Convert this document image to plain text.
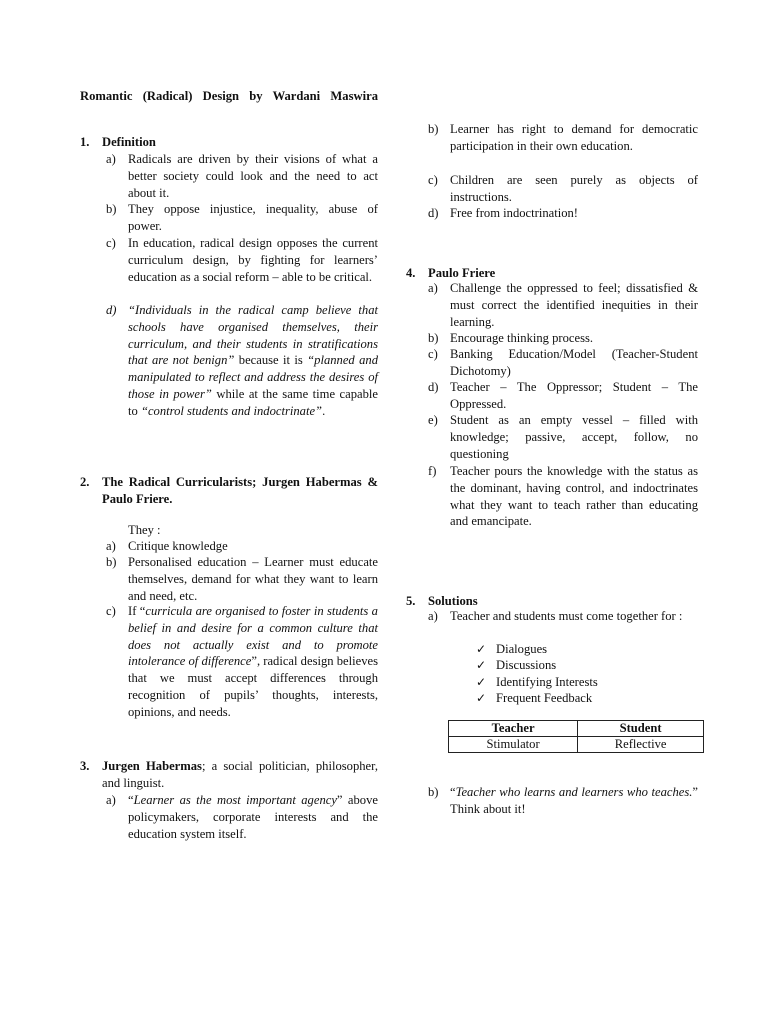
Romantic (Radical) Design by Wardani Maswira
1. Definition
a) Radicals are driven by their visions of what a better society could look and the need to act about it.
b) They oppose injustice, inequality, abuse of power.
c) In education, radical design opposes the current curriculum design, by fighting for learners’ education as a social reform – able to be critical.
d) “Individuals in the radical camp believe that schools have organised themselves, their curriculum, and their students in stratifications that are not benign” because it is “planned and manipulated to reflect and address the desires of those in power” while at the same time capable to “control students and indoctrinate”.
2. The Radical Curricularists; Jurgen Habermas & Paulo Friere.
They :
a) Critique knowledge
b) Personalised education – Learner must educate themselves, demand for what they want to learn and need, etc.
c) If “curricula are organised to foster in students a belief in and desire for a common culture that does not actually exist and to promote intolerance of difference”, radical design believes that we must accept differences through recognition of pupils’ thoughts, interests, opinions, and needs.
3. Jurgen Habermas; a social politician, philosopher, and linguist.
a) “Learner as the most important agency” above policymakers, corporate interests and the education system itself.
b) Learner has right to demand for democratic participation in their own education.
c) Children are seen purely as objects of instructions.
d) Free from indoctrination!
4. Paulo Friere
a) Challenge the oppressed to feel; dissatisfied & must correct the identified inequities in their learning.
b) Encourage thinking process.
c) Banking Education/Model (Teacher-Student Dichotomy)
d) Teacher – The Oppressor; Student – The Oppressed.
e) Student as an empty vessel – filled with knowledge; passive, accept, follow, no questioning
f) Teacher pours the knowledge with the status as the dominant, having control, and indoctrinates what they want to teach rather than educating and emancipate.
5. Solutions
a) Teacher and students must come together for :
✓ Dialogues
✓ Discussions
✓ Identifying Interests
✓ Frequent Feedback
Teacher	Student
Stimulator	Reflective
b) “Teacher who learns and learners who teaches.” Think about it!
